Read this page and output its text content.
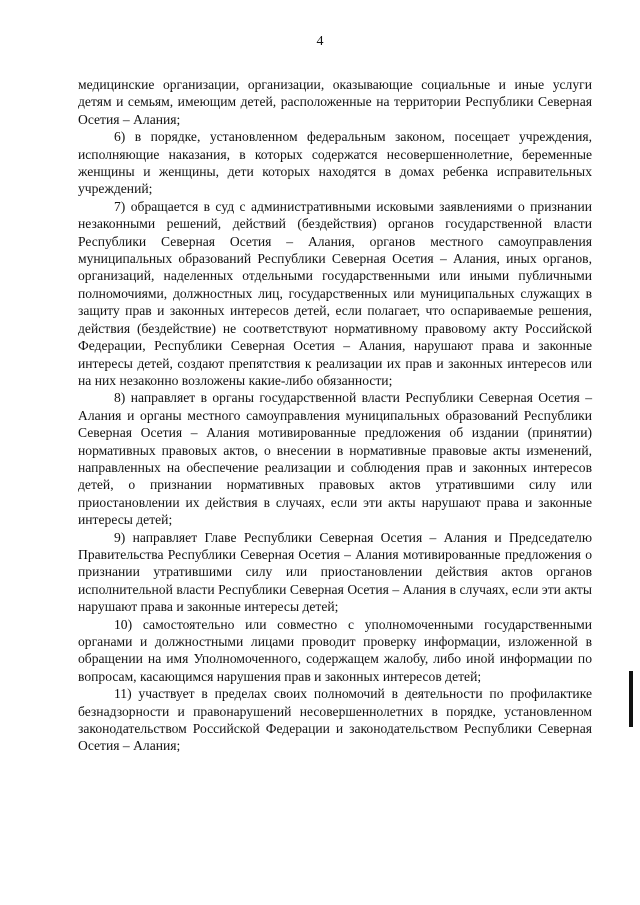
4

медицинские организации, организации, оказывающие социальные и иные услуги детям и семьям, имеющим детей, расположенные на территории Республики Северная Осетия – Алания;

6) в порядке, установленном федеральным законом, посещает учреждения, исполняющие наказания, в которых содержатся несовершеннолетние, беременные женщины и женщины, дети которых находятся в домах ребенка исправительных учреждений;

7) обращается в суд с административными исковыми заявлениями о признании незаконными решений, действий (бездействия) органов государственной власти Республики Северная Осетия – Алания, органов местного самоуправления муниципальных образований Республики Северная Осетия – Алания, иных органов, организаций, наделенных отдельными государственными или иными публичными полномочиями, должностных лиц, государственных или муниципальных служащих в защиту прав и законных интересов детей, если полагает, что оспариваемые решения, действия (бездействие) не соответствуют нормативному правовому акту Российской Федерации, Республики Северная Осетия – Алания, нарушают права и законные интересы детей, создают препятствия к реализации их прав и законных интересов или на них незаконно возложены какие-либо обязанности;

8) направляет в органы государственной власти Республики Северная Осетия – Алания и органы местного самоуправления муниципальных образований Республики Северная Осетия – Алания мотивированные предложения об издании (принятии) нормативных правовых актов, о внесении в нормативные правовые акты изменений, направленных на обеспечение реализации и соблюдения прав и законных интересов детей, о признании нормативных правовых актов утратившими силу или приостановлении их действия в случаях, если эти акты нарушают права и законные интересы детей;

9) направляет Главе Республики Северная Осетия – Алания и Председателю Правительства Республики Северная Осетия – Алания мотивированные предложения о признании утратившими силу или приостановлении действия актов органов исполнительной власти Республики Северная Осетия – Алания в случаях, если эти акты нарушают права и законные интересы детей;

10) самостоятельно или совместно с уполномоченными государственными органами и должностными лицами проводит проверку информации, изложенной в обращении на имя Уполномоченного, содержащем жалобу, либо иной информации по вопросам, касающимся нарушения прав и законных интересов детей;

11) участвует в пределах своих полномочий в деятельности по профилактике безнадзорности и правонарушений несовершеннолетних в порядке, установленном законодательством Российской Федерации и законодательством Республики Северная Осетия – Алания;
